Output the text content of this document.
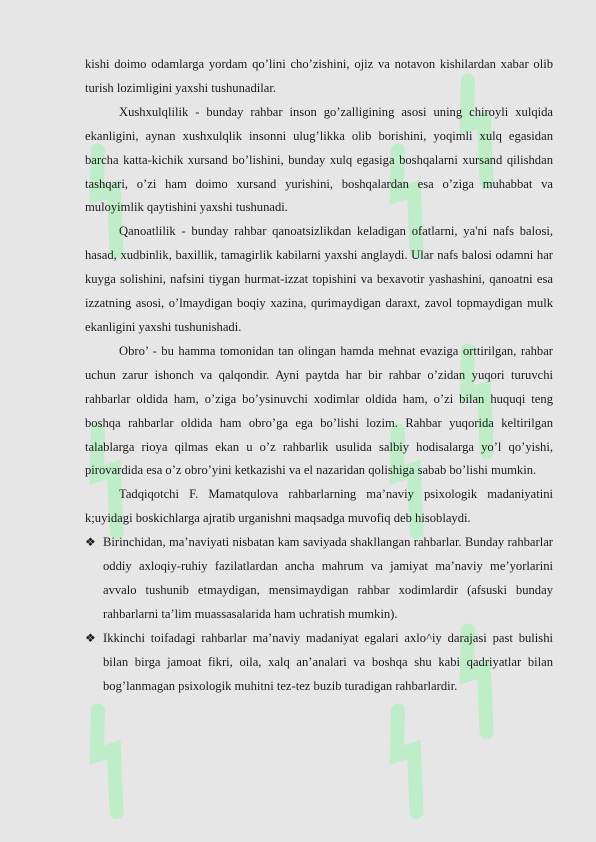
kishi doimo odamlarga yordam qo’lini cho’zishini, ojiz va notavon kishilardan xabar olib turish lozimligini yaxshi tushunadilar.

Xushxulqlilik - bunday rahbar inson go’zalligining asosi uning chiroyli xulqida ekanligini, aynan xushxulqlik insonni ulug’likka olib borishini, yoqimli xulq egasidan barcha katta-kichik xursand bo’lishini, bunday xulq egasiga boshqalarni xursand qilishdan tashqari, o’zi ham doimo xursand yurishini, boshqalardan esa o’ziga muhabbat va muloyimlik qaytishini yaxshi tushunadi.

Qanoatlilik - bunday rahbar qanoatsizlikdan keladigan ofatlarni, ya'ni nafs balosi, hasad, xudbinlik, baxillik, tamagirlik kabilarni yaxshi anglaydi. Ular nafs balosi odamni har kuyga solishini, nafsini tiygan hurmat-izzat topishini va bexavotir yashashini, qanoatni esa izzatning asosi, o’lmaydigan boqiy xazina, qurimaydigan daraxt, zavol topmaydigan mulk ekanligini yaxshi tushunishadi.

Obro’ - bu hamma tomonidan tan olingan hamda mehnat evaziga orttirilgan, rahbar uchun zarur ishonch va qalqondir. Ayni paytda har bir rahbar o’zidan yuqori turuvchi rahbarlar oldida ham, o’ziga bo’ysinuvchi xodimlar oldida ham, o’zi bilan huquqi teng boshqa rahbarlar oldida ham obro’ga ega bo’lishi lozim. Rahbar yuqorida keltirilgan talablarga rioya qilmas ekan u o’z rahbarlik usulida salbiy hodisalarga yo’l qo’yishi, pirovardida esa o’z obro’yini ketkazishi va el nazaridan qolishiga sabab bo’lishi mumkin.

Tadqiqotchi F. Mamatqulova rahbarlarning ma’naviy psixologik madaniyatini k;uyidagi boskichlarga ajratib urganishni maqsadga muvofiq deb hisoblaydi.

❖ Birinchidan, ma’naviyati nisbatan kam saviyada shakllangan rahbarlar. Bunday rahbarlar oddiy axloqiy-ruhiy fazilatlardan ancha mahrum va jamiyat ma’naviy me’yorlarini avvalo tushunib etmaydigan, mensimaydigan rahbar xodimlardir (afsuski bunday rahbarlarni ta’lim muassasalarida ham uchratish mumkin).
❖ Ikkinchi toifadagi rahbarlar ma’naviy madaniyat egalari axlo^iy darajasi past bulishi bilan birga jamoat fikri, oila, xalq an’analari va boshqa shu kabi qadriyatlar bilan bog’lanmagan psixologik muhitni tez-tez buzib turadigan rahbarlardir.
